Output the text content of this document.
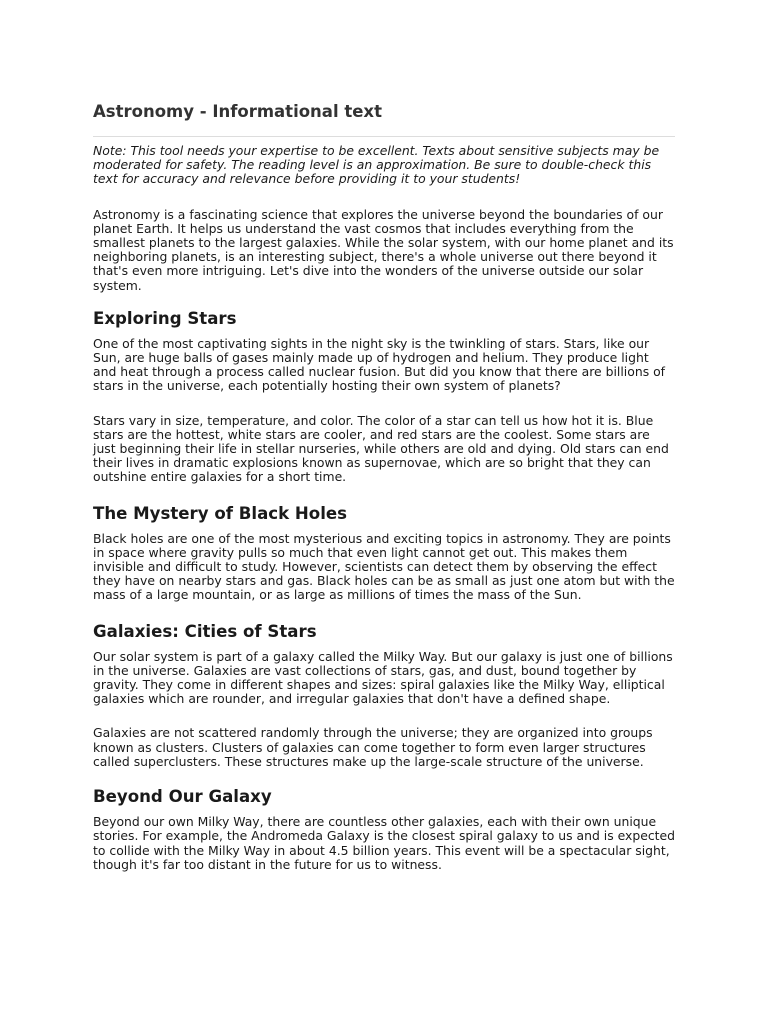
Astronomy - Informational text

Note: This tool needs your expertise to be excellent. Texts about sensitive subjects may be moderated for safety. The reading level is an approximation. Be sure to double-check this text for accuracy and relevance before providing it to your students!

Astronomy is a fascinating science that explores the universe beyond the boundaries of our planet Earth. It helps us understand the vast cosmos that includes everything from the smallest planets to the largest galaxies. While the solar system, with our home planet and its neighboring planets, is an interesting subject, there's a whole universe out there beyond it that's even more intriguing. Let's dive into the wonders of the universe outside our solar system.

Exploring Stars

One of the most captivating sights in the night sky is the twinkling of stars. Stars, like our Sun, are huge balls of gases mainly made up of hydrogen and helium. They produce light and heat through a process called nuclear fusion. But did you know that there are billions of stars in the universe, each potentially hosting their own system of planets?

Stars vary in size, temperature, and color. The color of a star can tell us how hot it is. Blue stars are the hottest, white stars are cooler, and red stars are the coolest. Some stars are just beginning their life in stellar nurseries, while others are old and dying. Old stars can end their lives in dramatic explosions known as supernovae, which are so bright that they can outshine entire galaxies for a short time.

The Mystery of Black Holes

Black holes are one of the most mysterious and exciting topics in astronomy. They are points in space where gravity pulls so much that even light cannot get out. This makes them invisible and difficult to study. However, scientists can detect them by observing the effect they have on nearby stars and gas. Black holes can be as small as just one atom but with the mass of a large mountain, or as large as millions of times the mass of the Sun.

Galaxies: Cities of Stars

Our solar system is part of a galaxy called the Milky Way. But our galaxy is just one of billions in the universe. Galaxies are vast collections of stars, gas, and dust, bound together by gravity. They come in different shapes and sizes: spiral galaxies like the Milky Way, elliptical galaxies which are rounder, and irregular galaxies that don't have a defined shape.

Galaxies are not scattered randomly through the universe; they are organized into groups known as clusters. Clusters of galaxies can come together to form even larger structures called superclusters. These structures make up the large-scale structure of the universe.

Beyond Our Galaxy

Beyond our own Milky Way, there are countless other galaxies, each with their own unique stories. For example, the Andromeda Galaxy is the closest spiral galaxy to us and is expected to collide with the Milky Way in about 4.5 billion years. This event will be a spectacular sight, though it's far too distant in the future for us to witness.
